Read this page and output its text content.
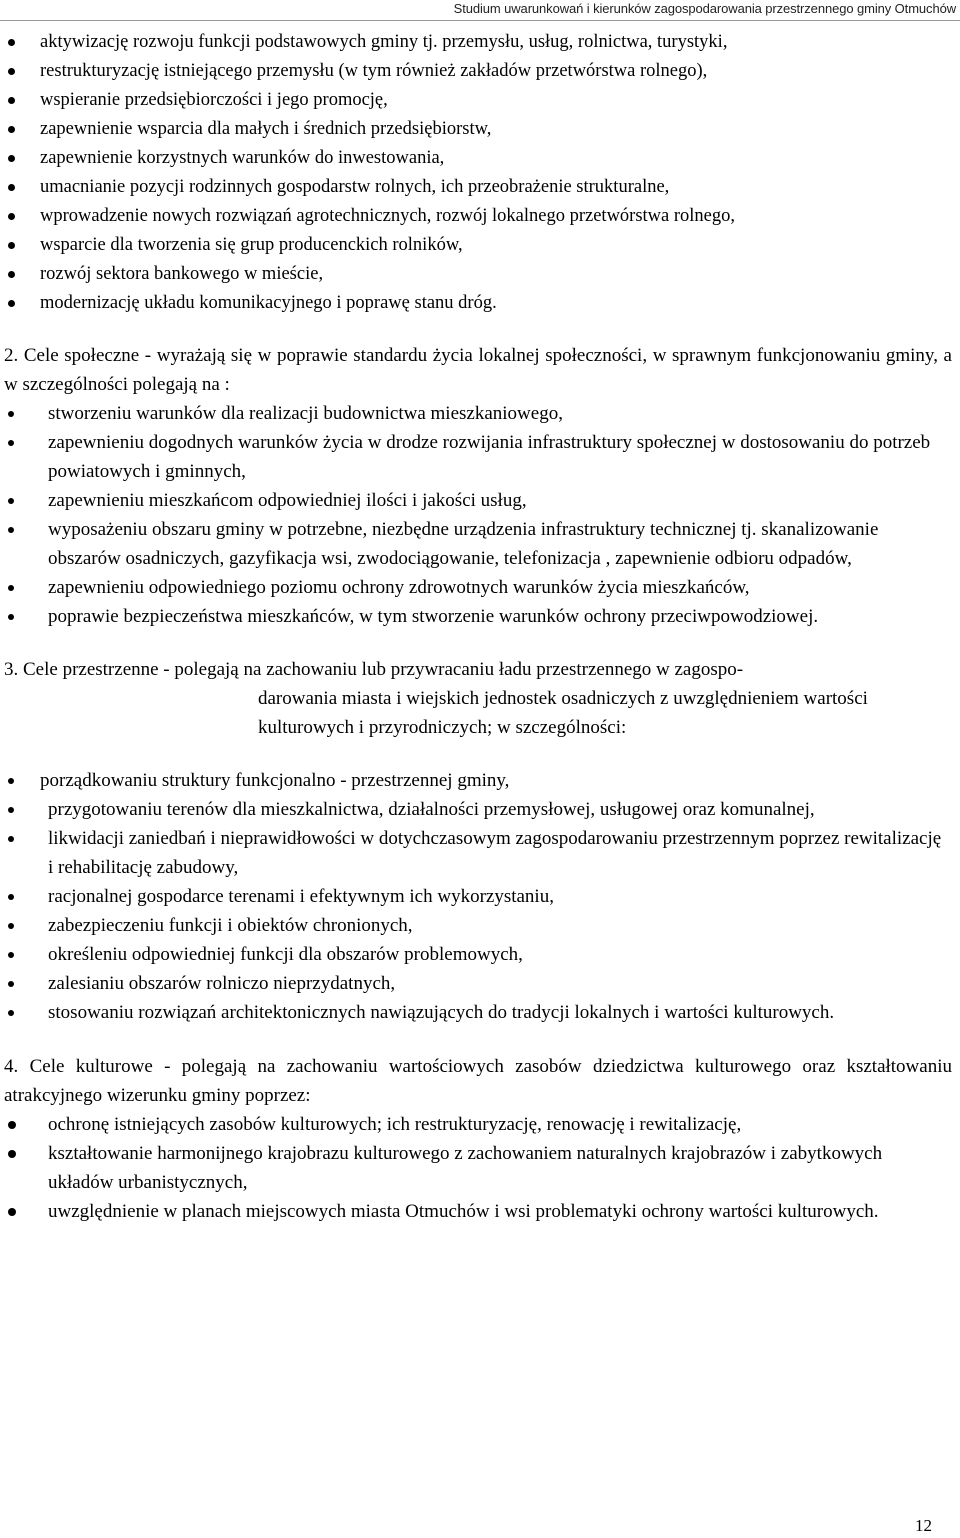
Studium uwarunkowań i kierunków zagospodarowania przestrzennego gminy Otmuchów
aktywizację rozwoju funkcji podstawowych gminy tj. przemysłu, usług, rolnictwa, turystyki,
restrukturyzację istniejącego przemysłu (w tym również zakładów przetwórstwa rolnego),
wspieranie przedsiębiorczości i jego promocję,
zapewnienie wsparcia dla małych i średnich przedsiębiorstw,
zapewnienie korzystnych warunków do inwestowania,
umacnianie pozycji rodzinnych gospodarstw rolnych, ich przeobrażenie strukturalne,
wprowadzenie nowych rozwiązań agrotechnicznych, rozwój lokalnego przetwórstwa rolnego,
wsparcie dla tworzenia się grup producenckich rolników,
rozwój sektora bankowego w mieście,
modernizację układu komunikacyjnego i poprawę stanu dróg.

2. Cele społeczne - wyrażają się w poprawie standardu życia lokalnej społeczności, w sprawnym funkcjonowaniu gminy, a w szczególności polegają na :

stworzeniu warunków dla realizacji budownictwa mieszkaniowego,
zapewnieniu dogodnych warunków życia w drodze rozwijania infrastruktury społecznej w dostosowaniu do potrzeb powiatowych i gminnych,
zapewnieniu mieszkańcom odpowiedniej ilości i jakości usług,
wyposażeniu obszaru gminy w potrzebne, niezbędne urządzenia infrastruktury technicznej tj. skanalizowanie obszarów osadniczych, gazyfikacja wsi, zwodociągowanie, telefonizacja , zapewnienie odbioru odpadów,
zapewnieniu odpowiedniego poziomu ochrony zdrowotnych warunków życia mieszkańców,
poprawie bezpieczeństwa mieszkańców, w tym stworzenie warunków ochrony przeciwpowodziowej.

3. Cele przestrzenne - polegają na zachowaniu lub przywracaniu ładu przestrzennego w zagospo-

darowania miasta i wiejskich jednostek osadniczych z uwzględnieniem wartości kulturowych i przyrodniczych; w szczególności:

porządkowaniu struktury funkcjonalno - przestrzennej gminy,
przygotowaniu terenów dla mieszkalnictwa, działalności przemysłowej, usługowej oraz komunalnej,
likwidacji zaniedbań i nieprawidłowości w dotychczasowym zagospodarowaniu przestrzennym poprzez rewitalizację i rehabilitację zabudowy,
racjonalnej gospodarce terenami i efektywnym ich wykorzystaniu,
zabezpieczeniu funkcji i obiektów chronionych,
określeniu odpowiedniej funkcji dla obszarów problemowych,
zalesianiu obszarów rolniczo nieprzydatnych,
stosowaniu rozwiązań architektonicznych nawiązujących do tradycji lokalnych i wartości kulturowych.

4. Cele kulturowe - polegają na zachowaniu wartościowych zasobów dziedzictwa kulturowego oraz kształtowaniu atrakcyjnego wizerunku gminy poprzez:

ochronę istniejących zasobów kulturowych; ich restrukturyzację, renowację i rewitalizację,
kształtowanie harmonijnego krajobrazu kulturowego z zachowaniem naturalnych krajobrazów i zabytkowych układów urbanistycznych,
uwzględnienie w planach miejscowych miasta Otmuchów i wsi problematyki ochrony wartości kulturowych.
12
